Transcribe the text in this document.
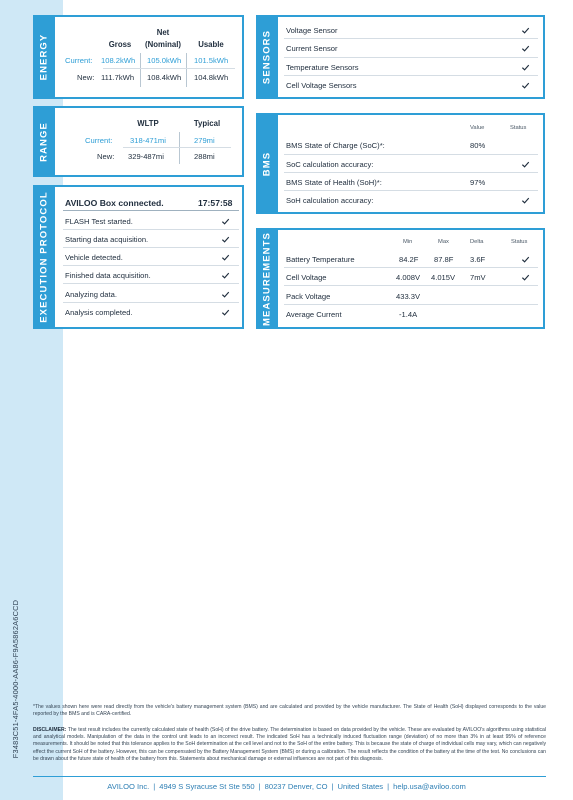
F3483C51-4FA5-4000-AA86-F9A5862A6CCD
ENERGY	Gross
Net
(Nominal)	Usable
Current: 108.2kWh 105.0kWh 101.5kWh
New: 111.7kWh 108.4kWh 104.8kWh
RANGE	WLTP	Typical
Current: 318-471mi	279mi
New: 329-487mi	288mi
EXECUTION PROTOCOL AVILOO Box connected.	17:57:58
FLASH Test started.
Starting data acquisition.
Vehicle detected.
Finished data acquisition.
Analyzing data.
Analysis completed.
SENSORS Voltage Sensor
Current Sensor
Temperature Sensors
Cell Voltage Sensors
BMS
Value	Status
BMS State of Charge (SoC)*:	80%
SoC calculation accuracy:
BMS State of Health (SoH)*:	97%
SoH calculation accuracy:
MEASUREMENTS	Min	Max	Delta	Status
Battery Temperature	84.2F 87.8F 3.6F
Cell Voltage	4.008V 4.015V 7mV
Pack Voltage	433.3V
Average Current	-1.4A
*The values shown here were read directly from the vehicle's battery management system (BMS) and are calculated and provided by the vehicle manufacturer. The State of Health (SoH) displayed corresponds to the value reported by the BMS and is CARA-certified.
DISCLAIMER: The test result includes the currently calculated state of health (SoH) of the drive battery. The determination is based on data provided by the vehicle. These are evaluated by AVILOO's algorithms using statistical and analytical models. Manipulation of the data in the control unit leads to an incorrect result. The indicated SoH has a technically induced fluctuation range (deviation) of no more than 3% in at least 95% of reference measurements. It should be noted that this tolerance applies to the SoH determination at the cell level and not to the SoH of the entire battery. This is because the state of charge of individual cells may vary, which can negatively effect the current SoH of the battery. However, this can be compensated by the Battery Management System (BMS) or during a calibration. The result reflects the condition of the battery at the time of the test. No conclusions can be drawn about the future state of health of the battery from this. Statements about mechanical damage or external influences are not part of this diagnosis.
AVILOO Inc. | 4949 S Syracuse St Ste 550 | 80237 Denver, CO | United States | help.usa@aviloo.com
